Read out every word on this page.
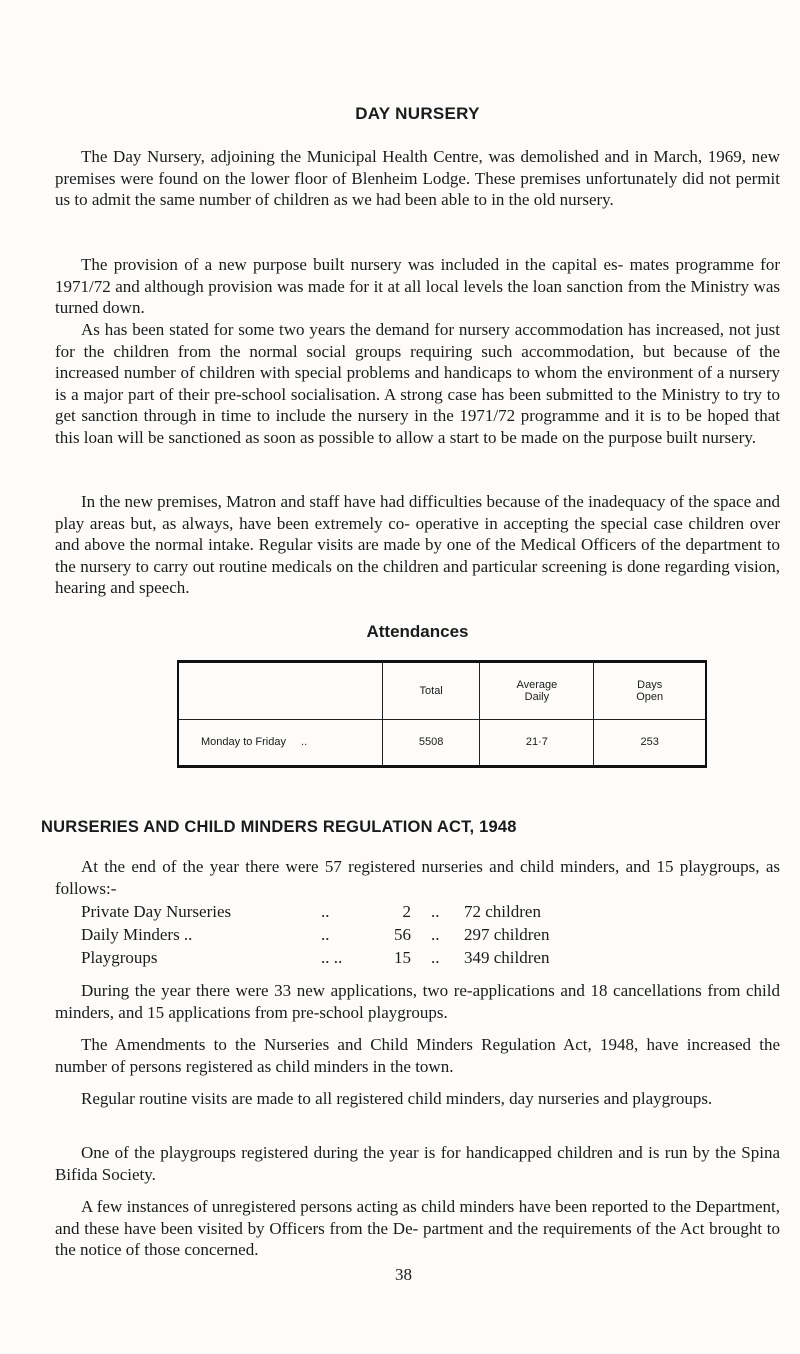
DAY NURSERY

The Day Nursery, adjoining the Municipal Health Centre, was demolished and in March, 1969, new premises were found on the lower floor of Blenheim Lodge. These premises unfortunately did not permit us to admit the same number of children as we had been able to in the old nursery.

The provision of a new purpose built nursery was included in the capital es- mates programme for 1971/72 and although provision was made for it at all local levels the loan sanction from the Ministry was turned down.

As has been stated for some two years the demand for nursery accommodation has increased, not just for the children from the normal social groups requiring such accommodation, but because of the increased number of children with special problems and handicaps to whom the environment of a nursery is a major part of their pre-school socialisation. A strong case has been submitted to the Ministry to try to get sanction through in time to include the nursery in the 1971/72 programme and it is to be hoped that this loan will be sanctioned as soon as possible to allow a start to be made on the purpose built nursery.

In the new premises, Matron and staff have had difficulties because of the inadequacy of the space and play areas but, as always, have been extremely co- operative in accepting the special case children over and above the normal intake. Regular visits are made by one of the Medical Officers of the department to the nursery to carry out routine medicals on the children and particular screening is done regarding vision, hearing and speech.

Attendances
	Total	Average Daily	Days Open
Monday to Friday ..	5508	21·7	253
NURSERIES AND CHILD MINDERS REGULATION ACT, 1948

At the end of the year there were 57 registered nurseries and child minders, and 15 playgroups, as follows:-

Private Day Nurseries	..	2 .. 72 children
Daily Minders ..	..	56 .. 297 children
Playgroups	.. ..	15 .. 349 children

During the year there were 33 new applications, two re-applications and 18 cancellations from child minders, and 15 applications from pre-school playgroups.

The Amendments to the Nurseries and Child Minders Regulation Act, 1948, have increased the number of persons registered as child minders in the town.

Regular routine visits are made to all registered child minders, day nurseries and playgroups.

One of the playgroups registered during the year is for handicapped children and is run by the Spina Bifida Society.

A few instances of unregistered persons acting as child minders have been reported to the Department, and these have been visited by Officers from the De- partment and the requirements of the Act brought to the notice of those concerned.

38
